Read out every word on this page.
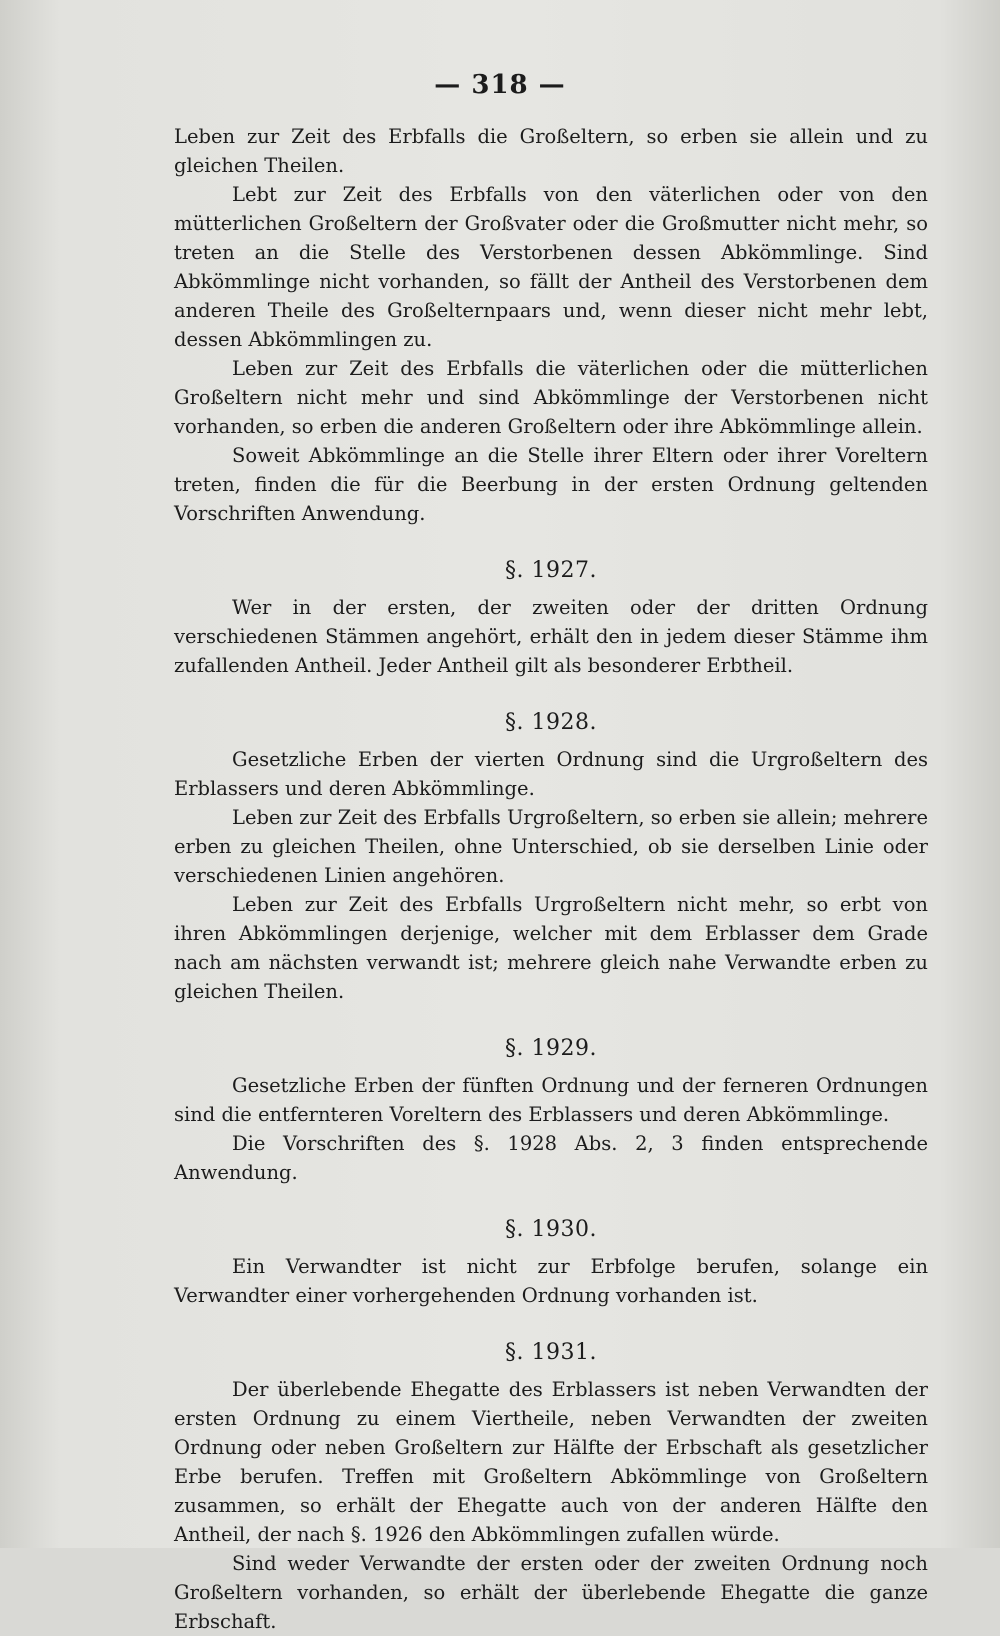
— 318 —

Leben zur Zeit des Erbfalls die Großeltern, so erben sie allein und zu gleichen Theilen.

Lebt zur Zeit des Erbfalls von den väterlichen oder von den mütterlichen Großeltern der Großvater oder die Großmutter nicht mehr, so treten an die Stelle des Verstorbenen dessen Abkömmlinge. Sind Abkömmlinge nicht vorhanden, so fällt der Antheil des Verstorbenen dem anderen Theile des Großelternpaars und, wenn dieser nicht mehr lebt, dessen Abkömmlingen zu.

Leben zur Zeit des Erbfalls die väterlichen oder die mütterlichen Großeltern nicht mehr und sind Abkömmlinge der Verstorbenen nicht vorhanden, so erben die anderen Großeltern oder ihre Abkömmlinge allein.

Soweit Abkömmlinge an die Stelle ihrer Eltern oder ihrer Voreltern treten, finden die für die Beerbung in der ersten Ordnung geltenden Vorschriften Anwendung.

§. 1927.

Wer in der ersten, der zweiten oder der dritten Ordnung verschiedenen Stämmen angehört, erhält den in jedem dieser Stämme ihm zufallenden Antheil. Jeder Antheil gilt als besonderer Erbtheil.

§. 1928.

Gesetzliche Erben der vierten Ordnung sind die Urgroßeltern des Erblassers und deren Abkömmlinge.

Leben zur Zeit des Erbfalls Urgroßeltern, so erben sie allein; mehrere erben zu gleichen Theilen, ohne Unterschied, ob sie derselben Linie oder verschiedenen Linien angehören.

Leben zur Zeit des Erbfalls Urgroßeltern nicht mehr, so erbt von ihren Abkömmlingen derjenige, welcher mit dem Erblasser dem Grade nach am nächsten verwandt ist; mehrere gleich nahe Verwandte erben zu gleichen Theilen.

§. 1929.

Gesetzliche Erben der fünften Ordnung und der ferneren Ordnungen sind die entfernteren Voreltern des Erblassers und deren Abkömmlinge.

Die Vorschriften des §. 1928 Abs. 2, 3 finden entsprechende Anwendung.

§. 1930.

Ein Verwandter ist nicht zur Erbfolge berufen, solange ein Verwandter einer vorhergehenden Ordnung vorhanden ist.

§. 1931.

Der überlebende Ehegatte des Erblassers ist neben Verwandten der ersten Ordnung zu einem Viertheile, neben Verwandten der zweiten Ordnung oder neben Großeltern zur Hälfte der Erbschaft als gesetzlicher Erbe berufen. Treffen mit Großeltern Abkömmlinge von Großeltern zusammen, so erhält der Ehegatte auch von der anderen Hälfte den Antheil, der nach §. 1926 den Abkömmlingen zufallen würde.

Sind weder Verwandte der ersten oder der zweiten Ordnung noch Großeltern vorhanden, so erhält der überlebende Ehegatte die ganze Erbschaft.
